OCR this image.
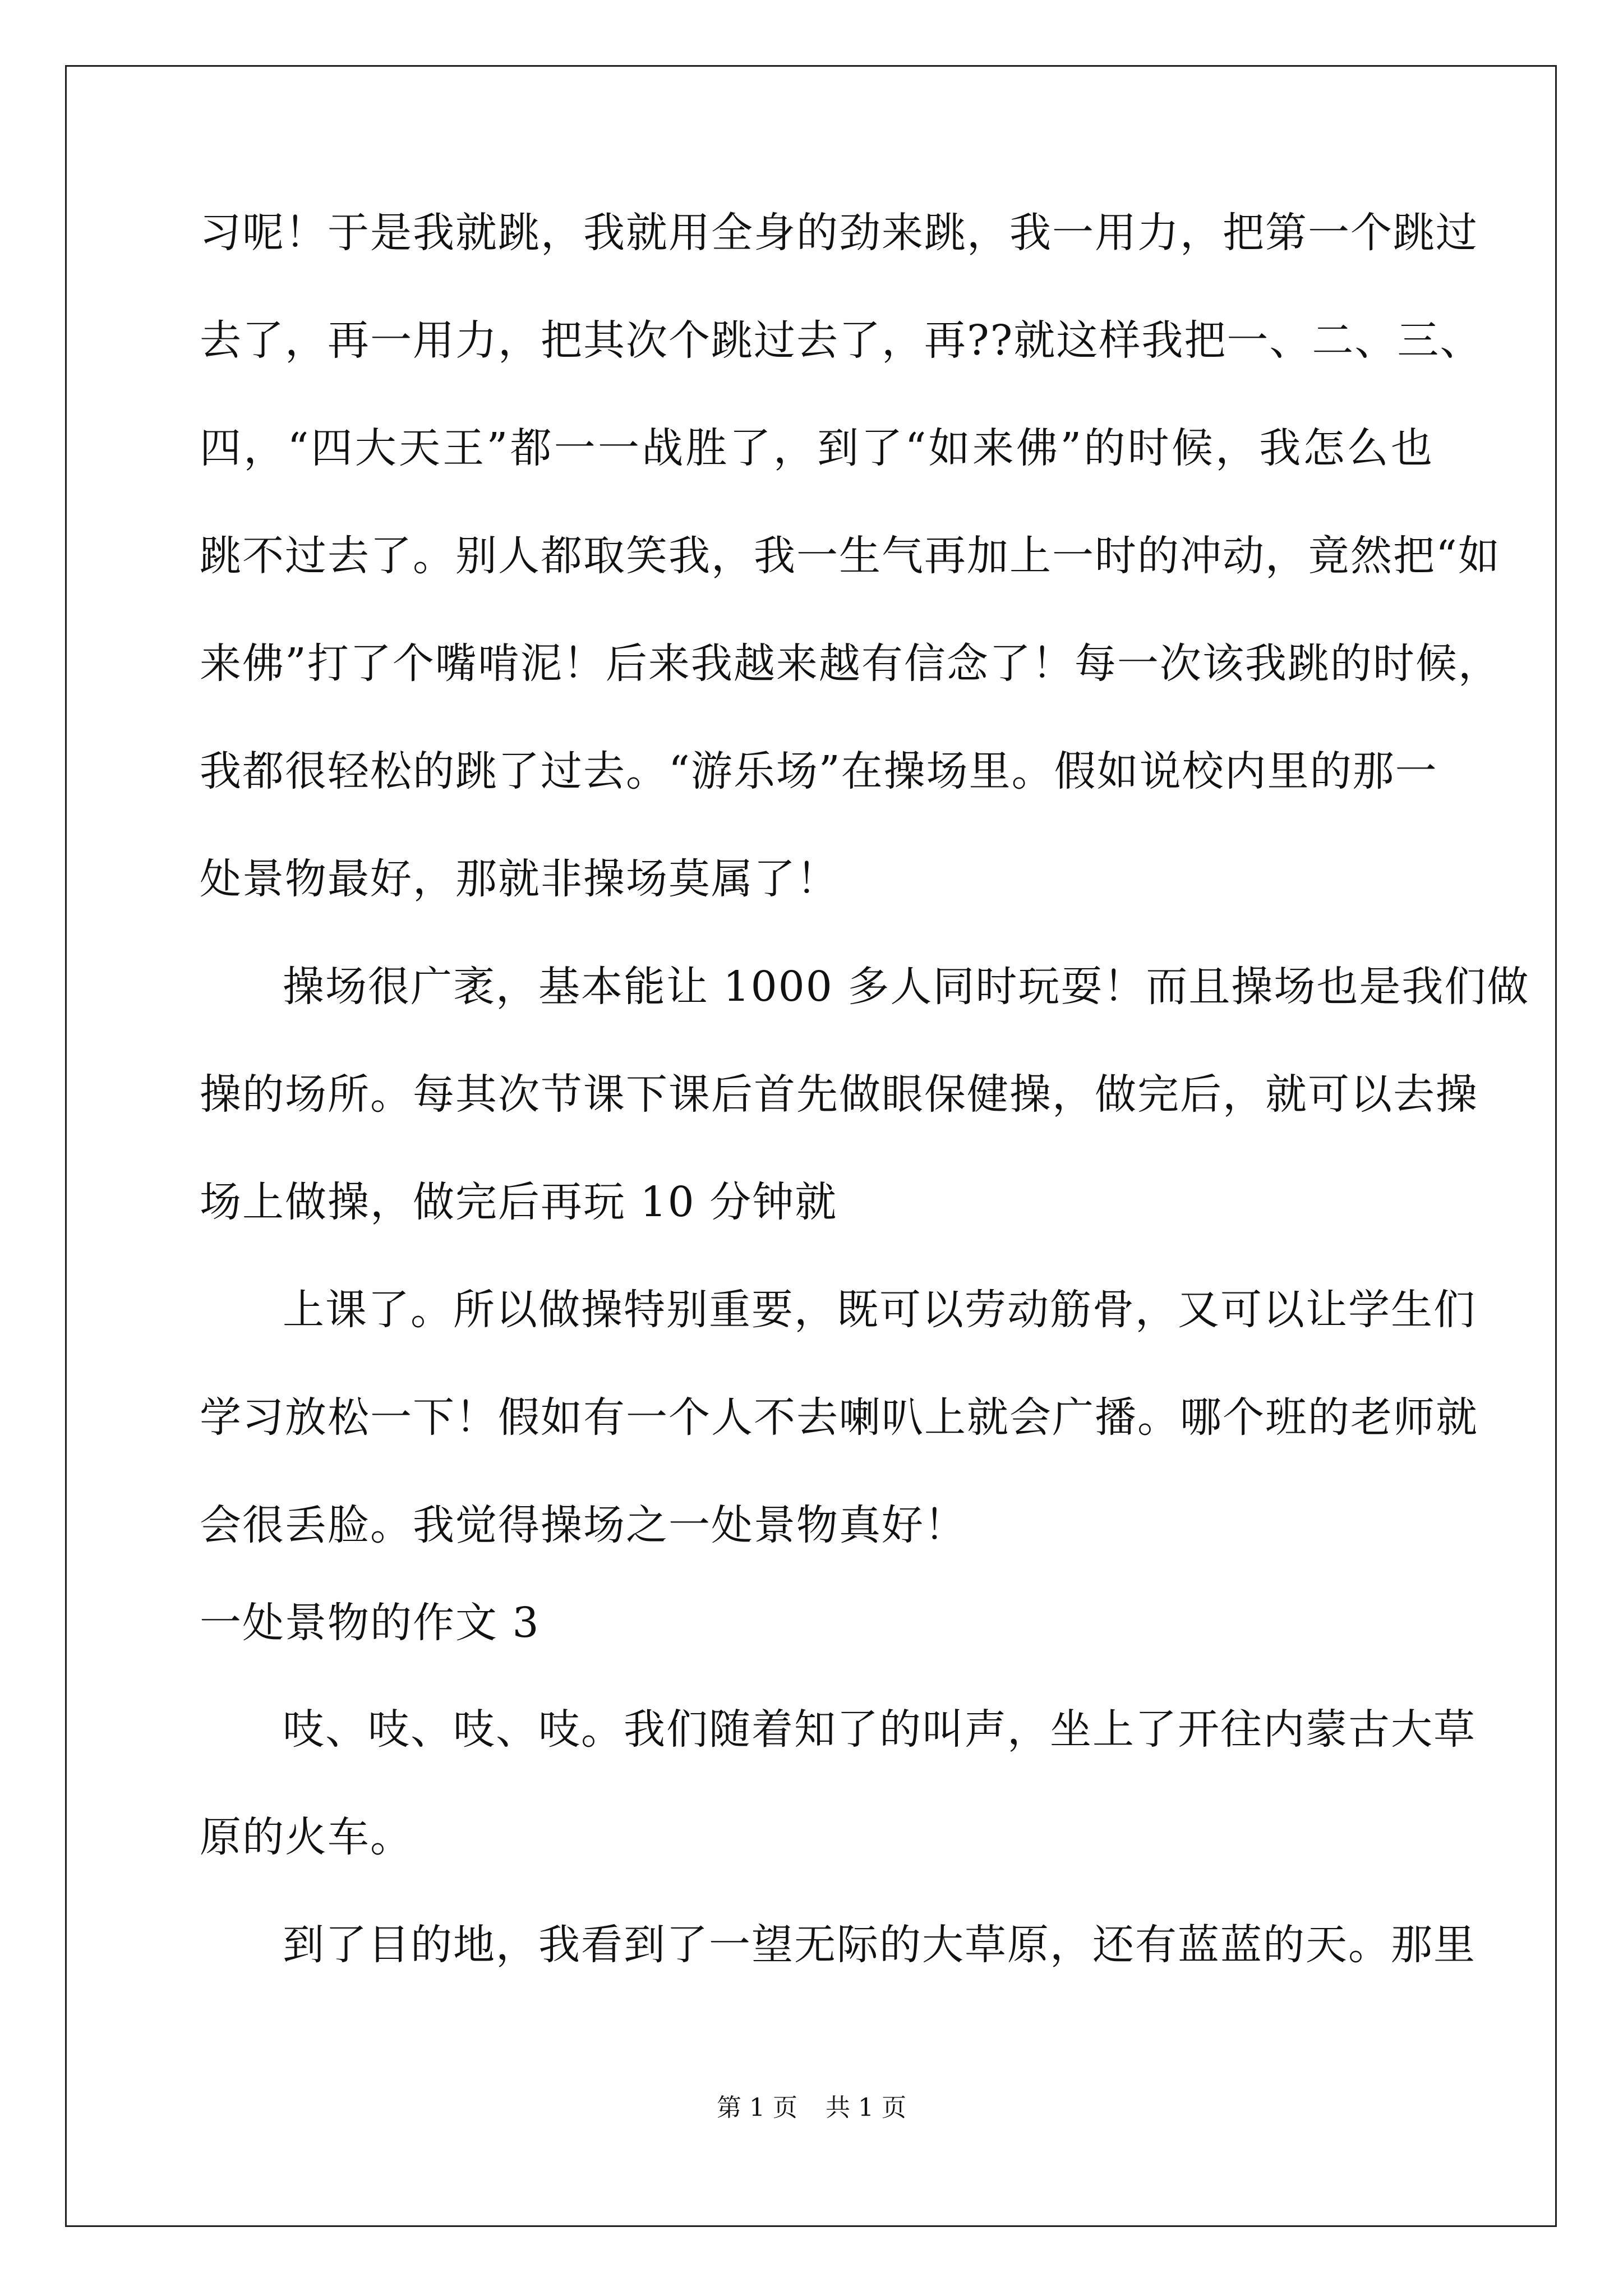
习呢！于是我就跳，我就用全身的劲来跳，我一用力，把第一个跳过
去了，再一用力，把其次个跳过去了，再??就这样我把一、二、三、
四，“四大天王”都一一战胜了，到了“如来佛”的时候，我怎么也
跳不过去了。别人都取笑我，我一生气再加上一时的冲动，竟然把“如
来佛”打了个嘴啃泥！后来我越来越有信念了！每一次该我跳的时候，
我都很轻松的跳了过去。“游乐场”在操场里。假如说校内里的那一
处景物最好，那就非操场莫属了！
操场很广袤，基本能让 1000 多人同时玩耍！而且操场也是我们做
操的场所。每其次节课下课后首先做眼保健操，做完后，就可以去操
场上做操，做完后再玩 10 分钟就
上课了。所以做操特别重要，既可以劳动筋骨，又可以让学生们
学习放松一下！假如有一个人不去喇叭上就会广播。哪个班的老师就
会很丢脸。我觉得操场之一处景物真好！
一处景物的作文 3
吱、吱、吱、吱。我们随着知了的叫声，坐上了开往内蒙古大草
原的火车。
到了目的地，我看到了一望无际的大草原，还有蓝蓝的天。那里
第 1 页 共 1 页
